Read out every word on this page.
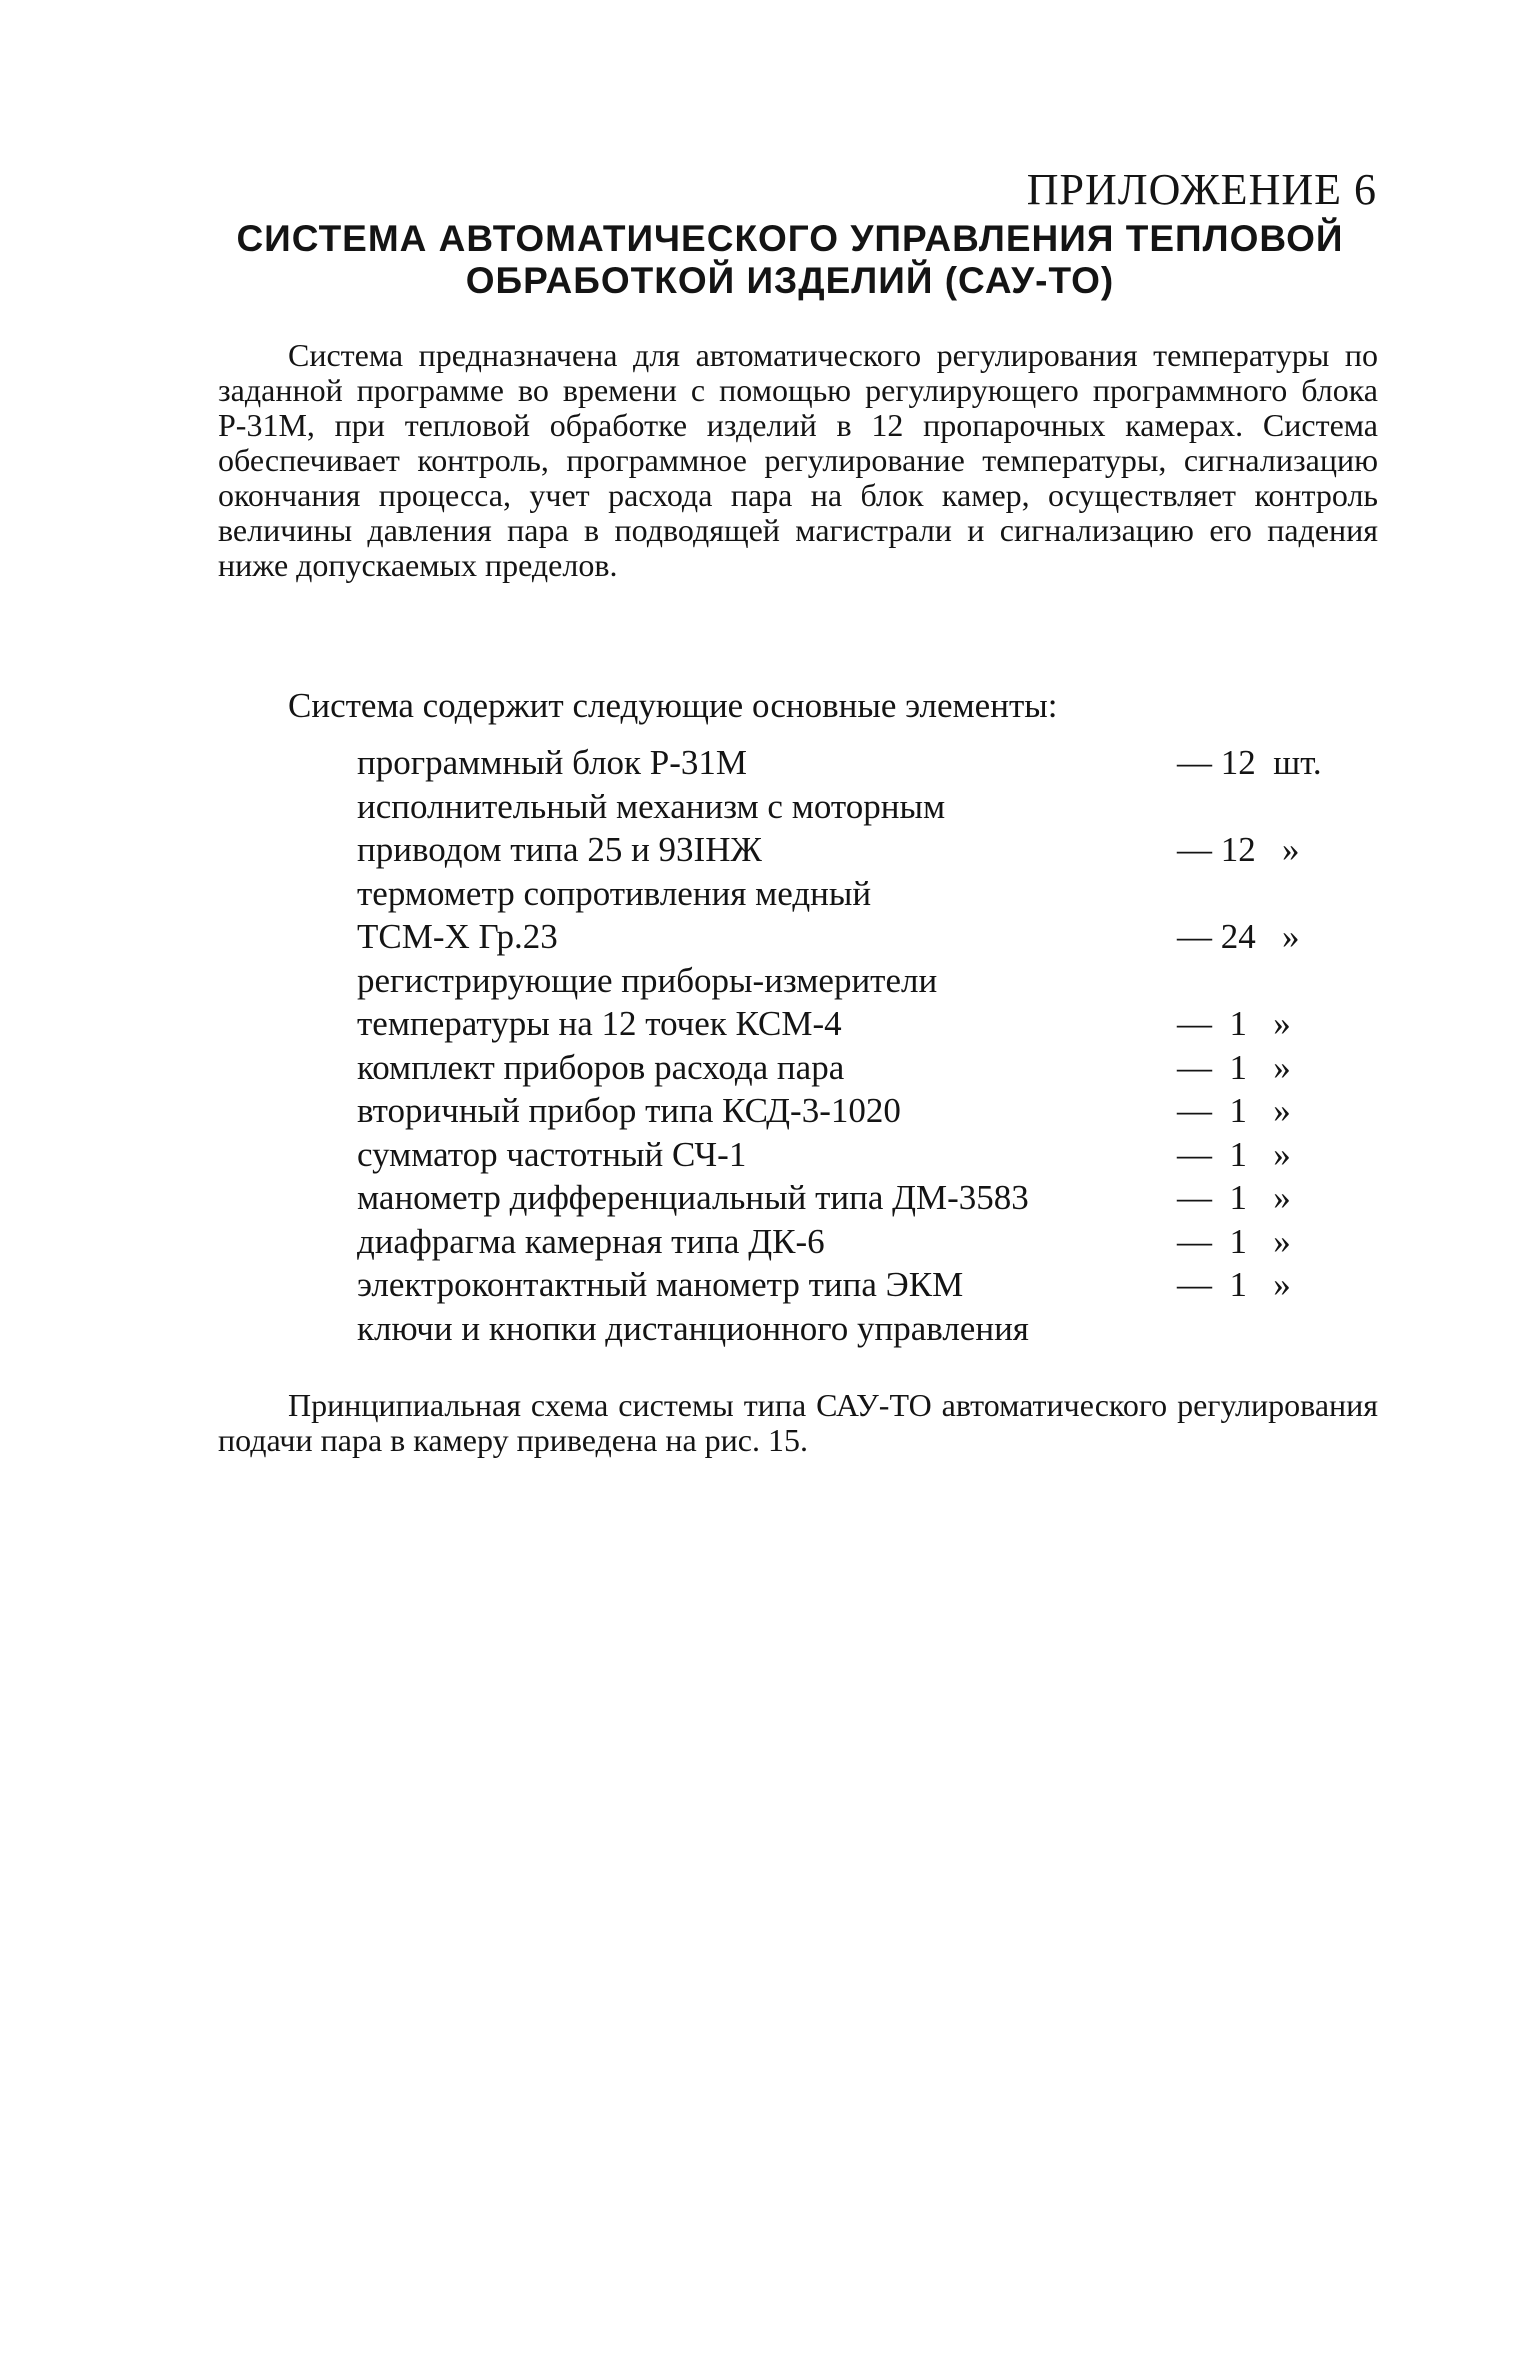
ПРИЛОЖЕНИЕ 6
СИСТЕМА АВТОМАТИЧЕСКОГО УПРАВЛЕНИЯ ТЕПЛОВОЙ
ОБРАБОТКОЙ ИЗДЕЛИЙ (САУ-ТО)

Система предназначена для автоматического регулирования температуры по заданной программе во времени с помощью регулирующего программного блока Р-31М, при тепловой обработке изделий в 12 пропарочных камерах. Система обеспечивает контроль, программное регулирование температуры, сигнализацию окончания процесса, учет расхода пара на блок камер, осуществляет контроль величины давления пара в подводящей магистрали и сигнализацию его падения ниже допускаемых пределов.

Система содержит следующие основные элементы:
программный блок Р-31М	— 12  шт.
исполнительный механизм с моторным
приводом типа 25 и 93IНЖ	— 12   »
термометр сопротивления медный
ТСМ-Х Гр.23	— 24   »
регистрирующие приборы-измерители
температуры на 12 точек КСМ-4	—  1   »
комплект приборов расхода пара	—  1   »
вторичный прибор типа КСД-3-1020	—  1   »
сумматор частотный СЧ-1	—  1   »
манометр дифференциальный типа ДМ-3583	—  1   »
диафрагма камерная типа ДК-6	—  1   »
электроконтактный манометр типа ЭКМ	—  1   »
ключи и кнопки дистанционного управления

Принципиальная схема системы типа САУ-ТО автоматического регулирования подачи пара в камеру приведена на рис. 15.
